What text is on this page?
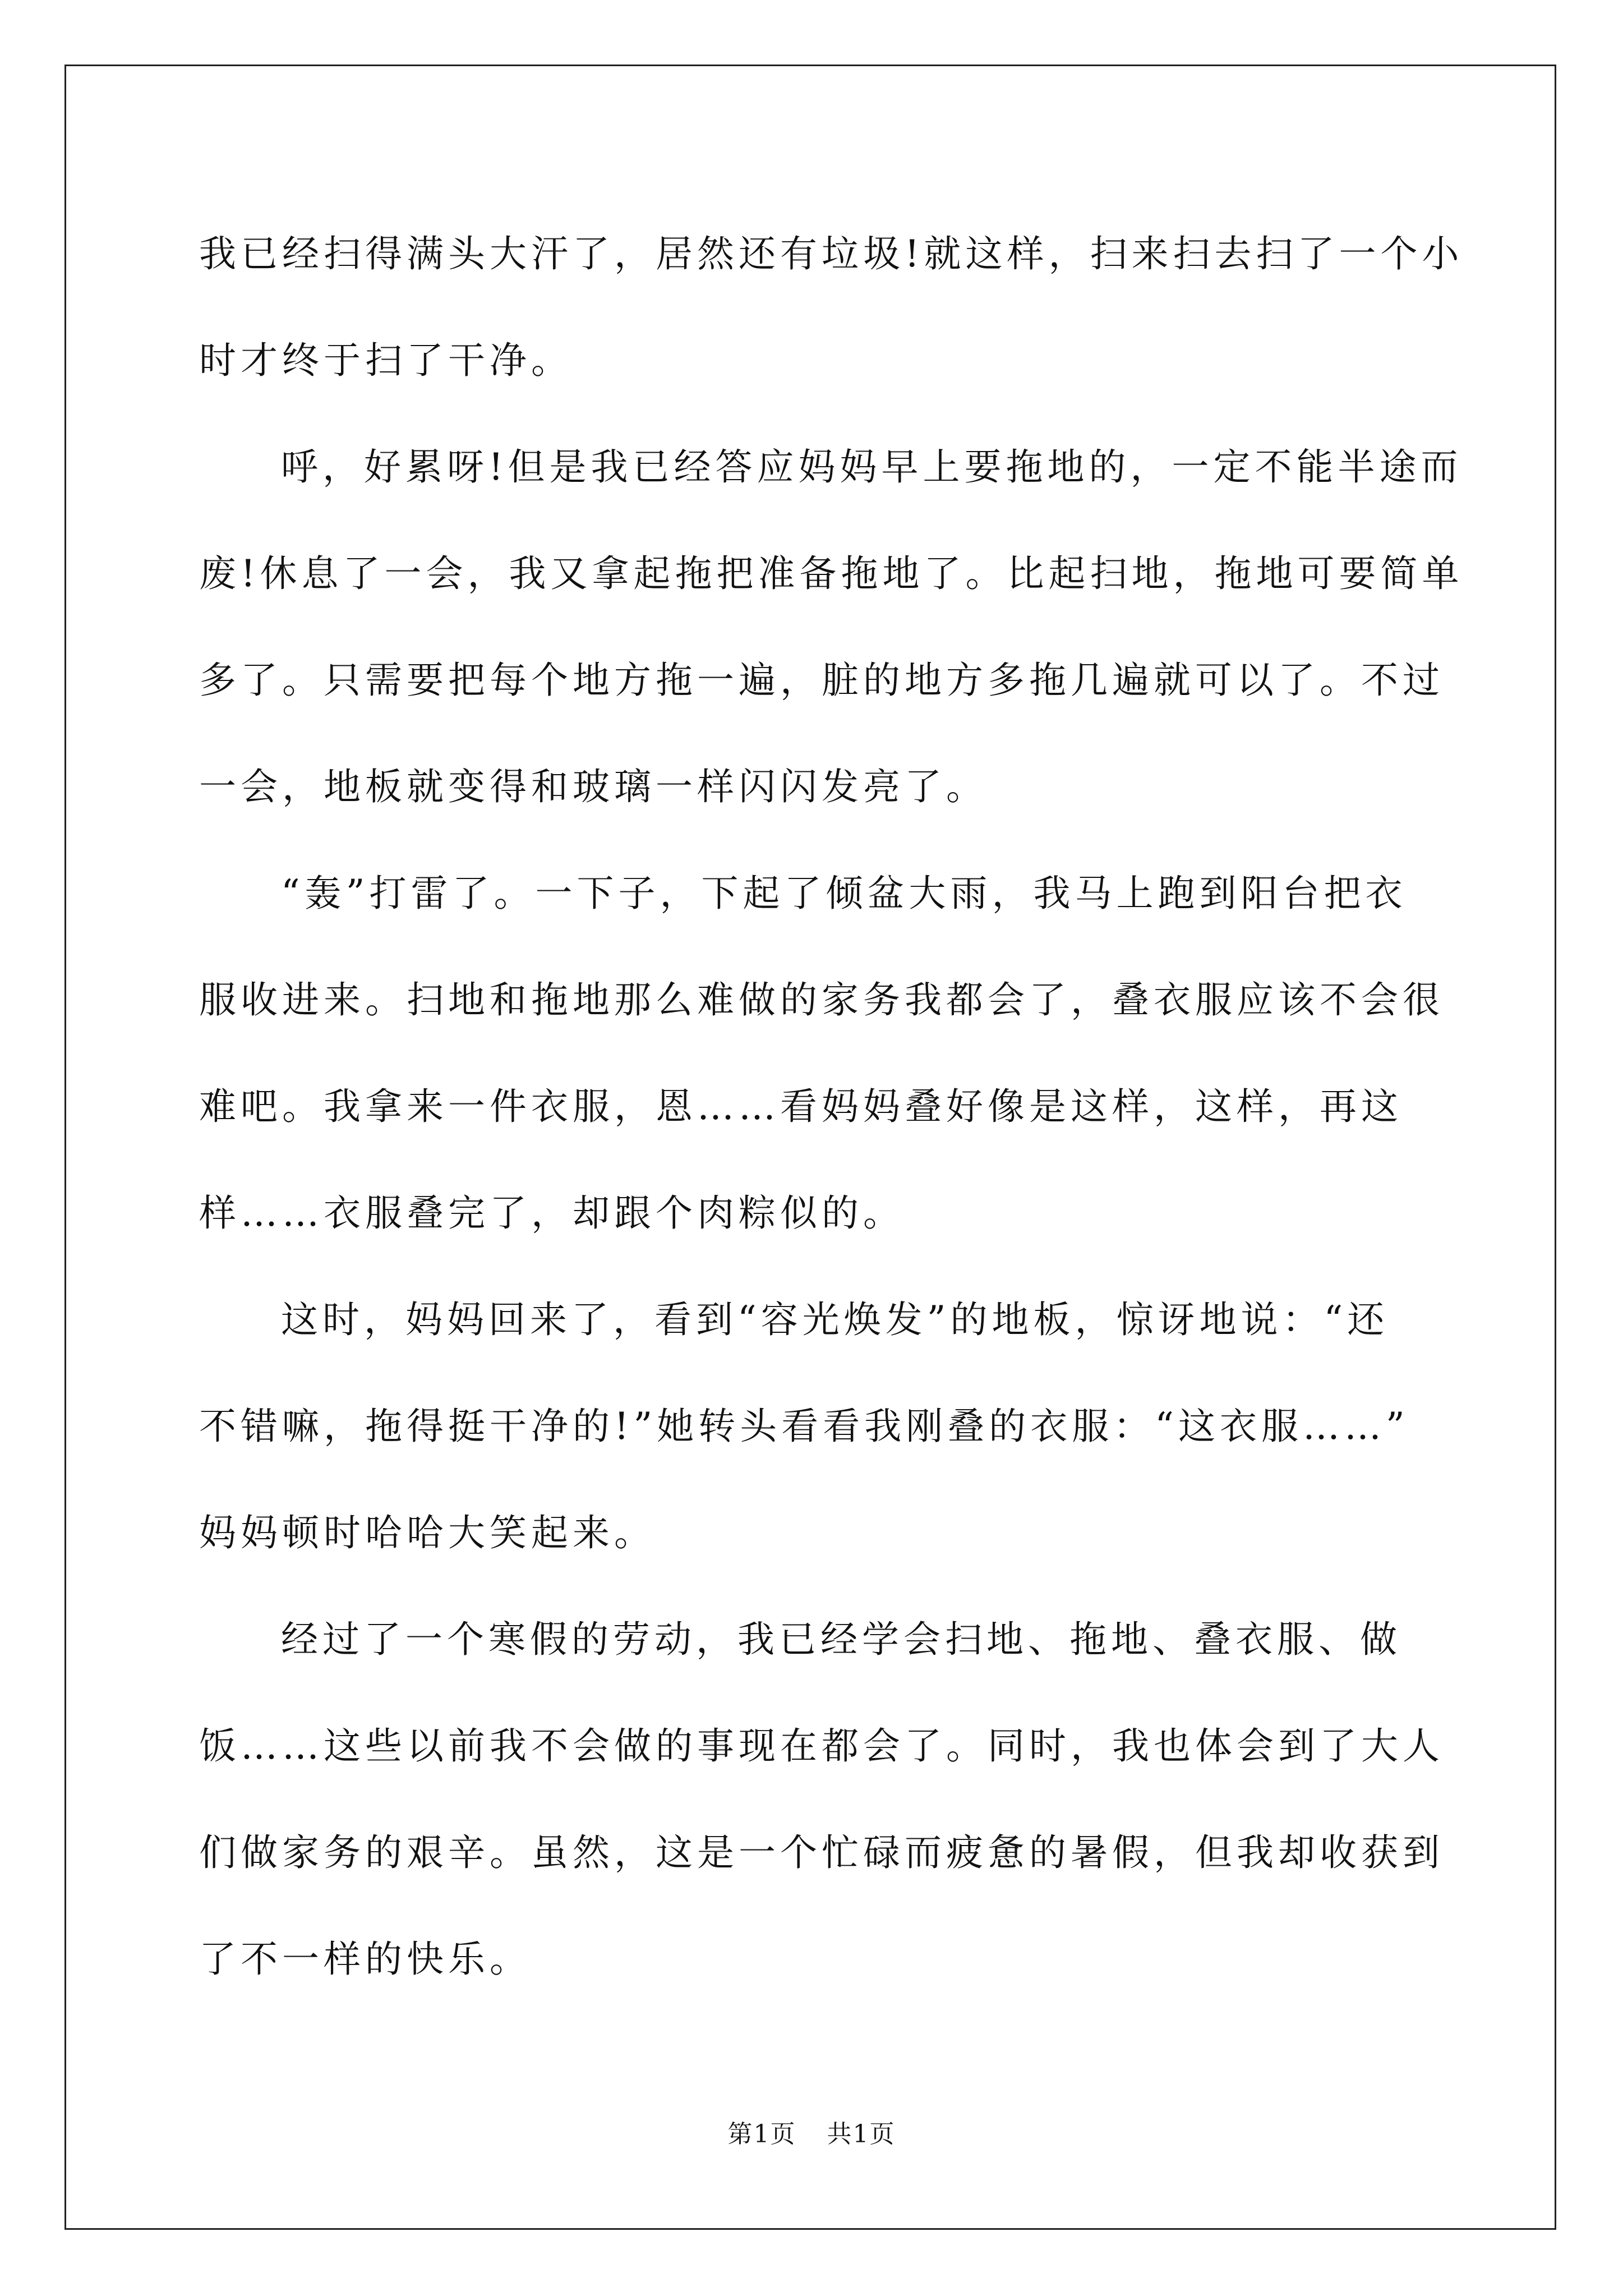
我已经扫得满头大汗了，居然还有垃圾!就这样，扫来扫去扫了一个小

时才终于扫了干净。

呼，好累呀!但是我已经答应妈妈早上要拖地的，一定不能半途而

废!休息了一会，我又拿起拖把准备拖地了。比起扫地，拖地可要简单

多了。只需要把每个地方拖一遍，脏的地方多拖几遍就可以了。不过

一会，地板就变得和玻璃一样闪闪发亮了。

“轰”打雷了。一下子，下起了倾盆大雨，我马上跑到阳台把衣

服收进来。扫地和拖地那么难做的家务我都会了，叠衣服应该不会很

难吧。我拿来一件衣服，恩……看妈妈叠好像是这样，这样，再这

样……衣服叠完了，却跟个肉粽似的。

这时，妈妈回来了，看到“容光焕发”的地板，惊讶地说：“还

不错嘛，拖得挺干净的!”她转头看看我刚叠的衣服：“这衣服……”

妈妈顿时哈哈大笑起来。

经过了一个寒假的劳动，我已经学会扫地、拖地、叠衣服、做

饭……这些以前我不会做的事现在都会了。同时，我也体会到了大人

们做家务的艰辛。虽然，这是一个忙碌而疲惫的暑假，但我却收获到

了不一样的快乐。

第1页 共1页
